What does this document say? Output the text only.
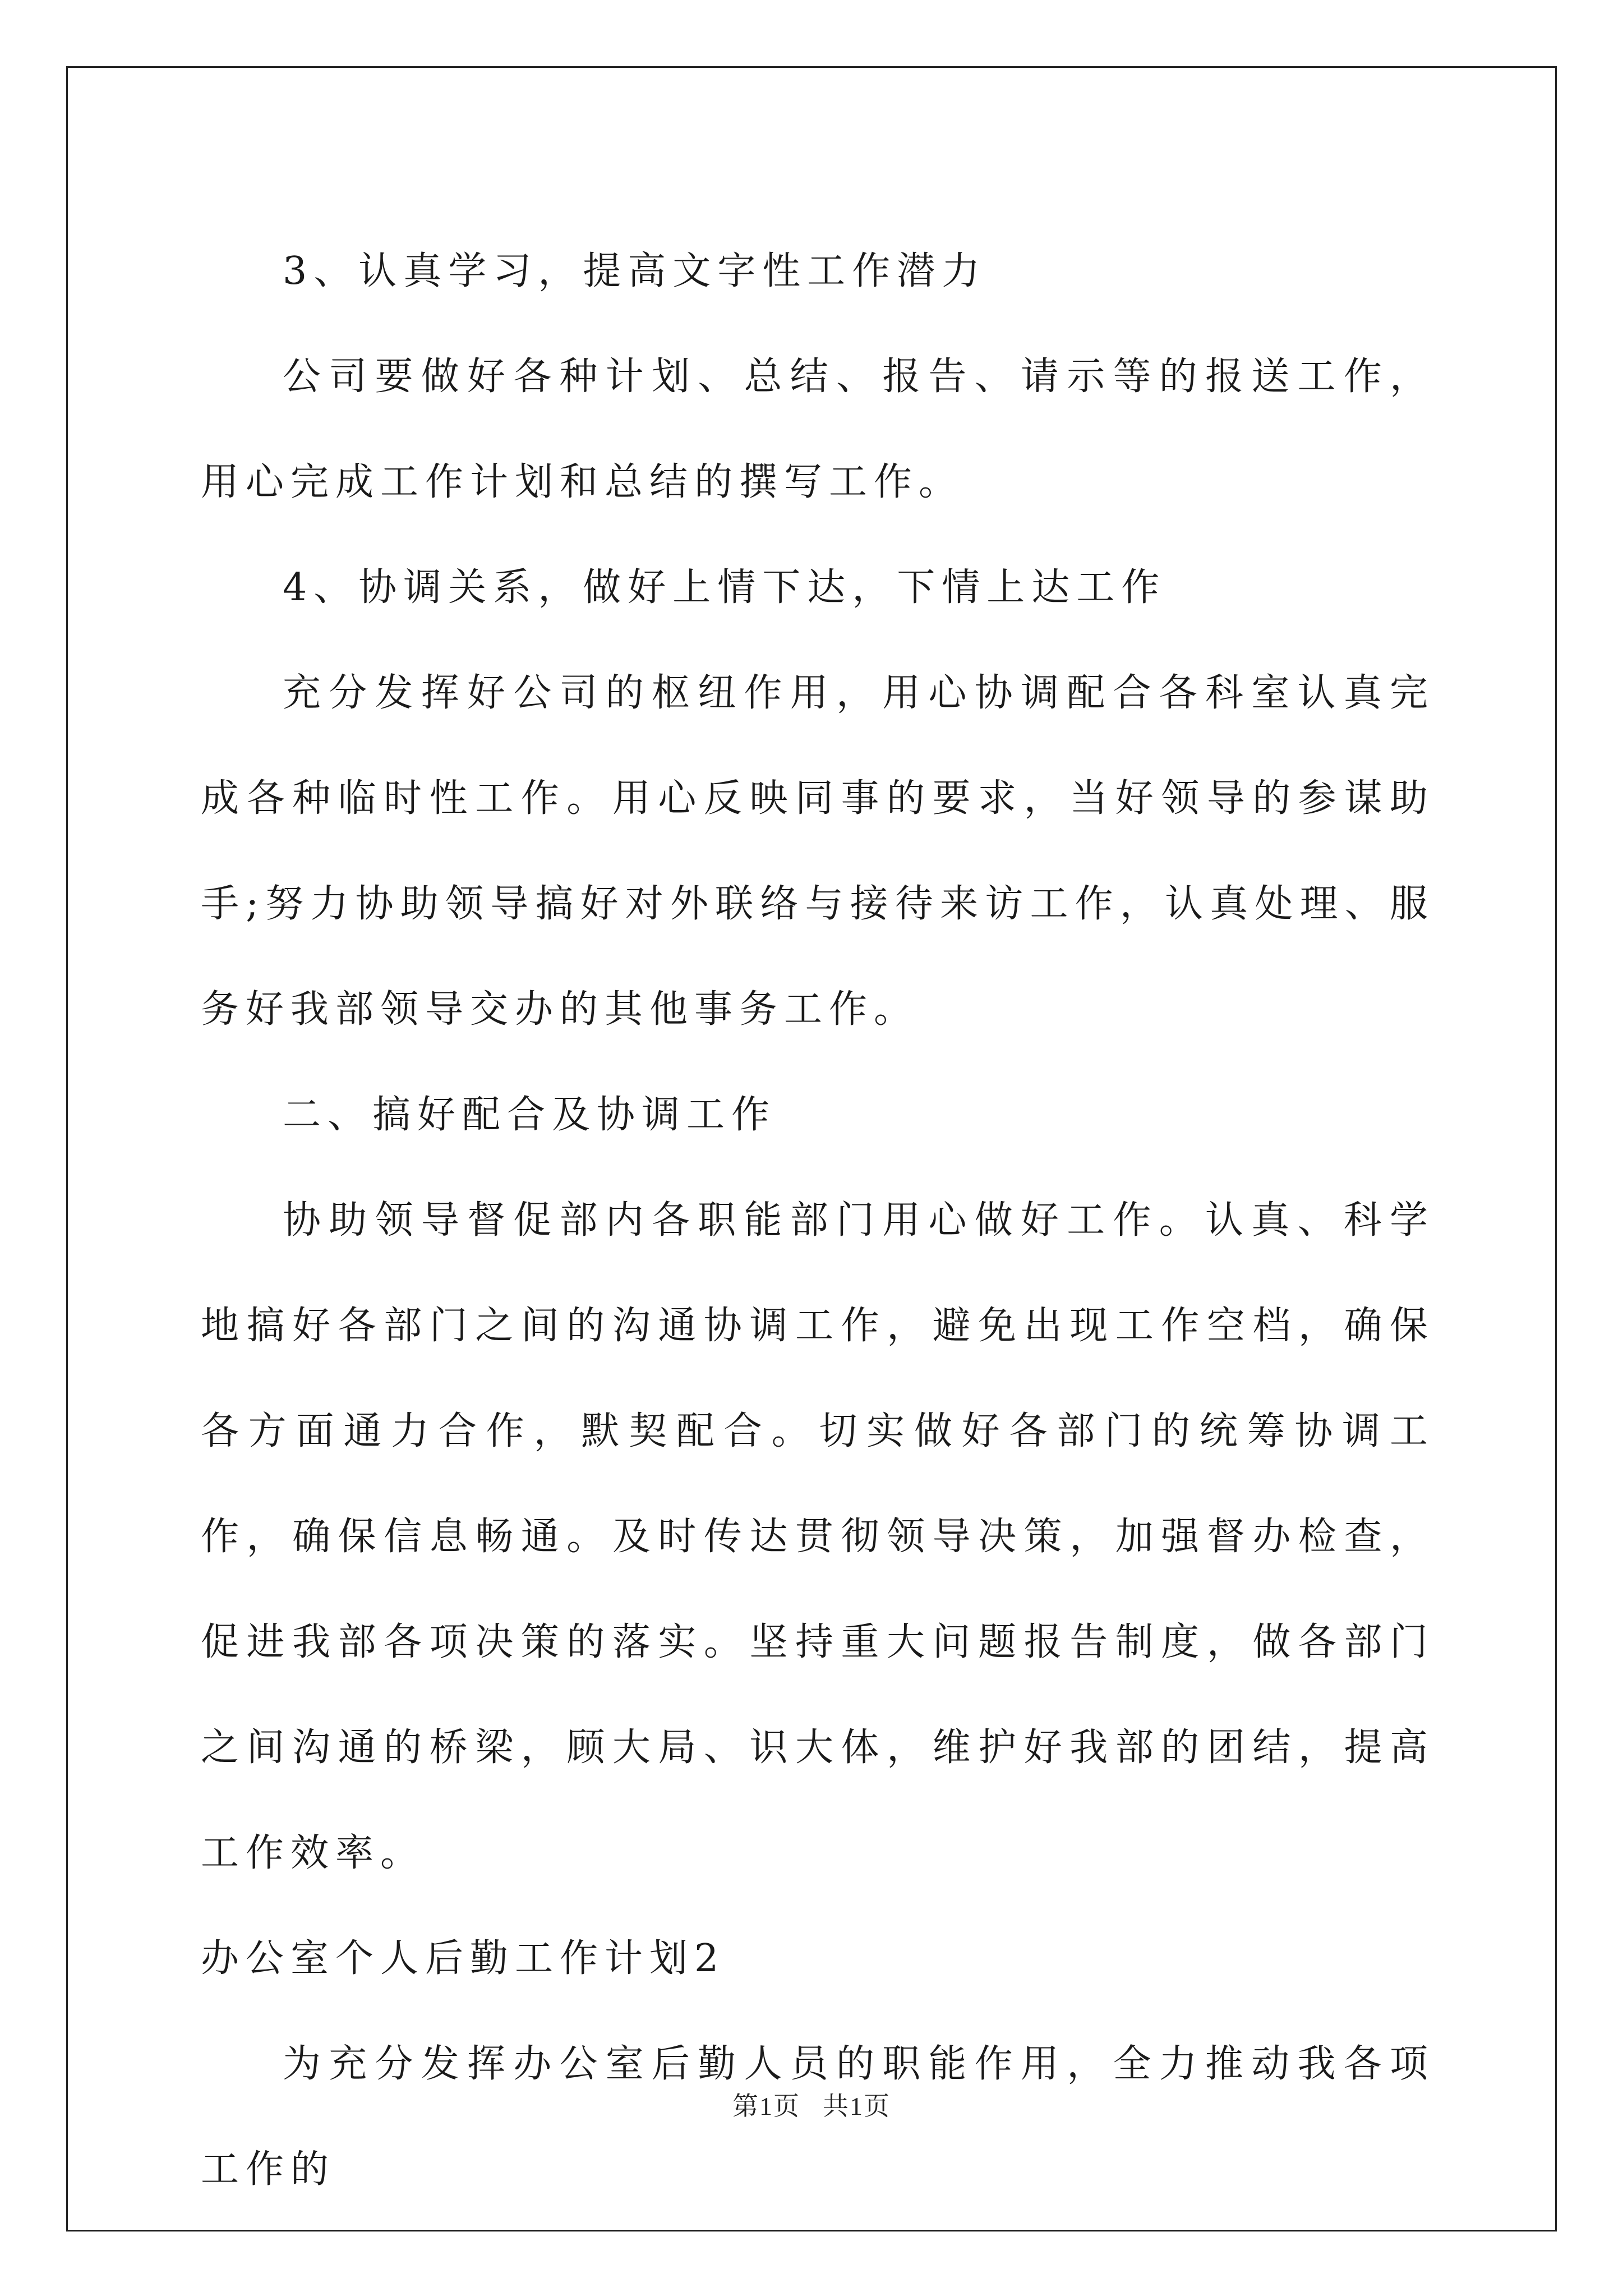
3、认真学习，提高文字性工作潜力

公司要做好各种计划、总结、报告、请示等的报送工作，用心完成工作计划和总结的撰写工作。

4、协调关系，做好上情下达，下情上达工作

充分发挥好公司的枢纽作用，用心协调配合各科室认真完成各种临时性工作。用心反映同事的要求，当好领导的参谋助手;努力协助领导搞好对外联络与接待来访工作，认真处理、服务好我部领导交办的其他事务工作。

二、搞好配合及协调工作

协助领导督促部内各职能部门用心做好工作。认真、科学地搞好各部门之间的沟通协调工作，避免出现工作空档，确保各方面通力合作，默契配合。切实做好各部门的统筹协调工作，确保信息畅通。及时传达贯彻领导决策，加强督办检查，促进我部各项决策的落实。坚持重大问题报告制度，做各部门之间沟通的桥梁，顾大局、识大体，维护好我部的团结，提高工作效率。

办公室个人后勤工作计划2

为充分发挥办公室后勤人员的职能作用，全力推动我各项工作的

第1页 共1页
